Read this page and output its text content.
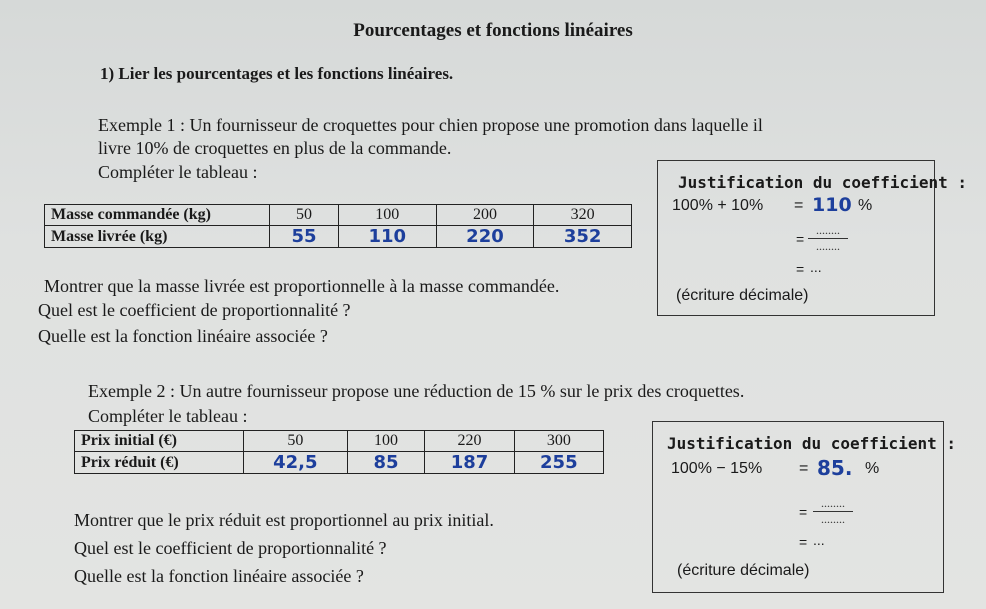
Pourcentages et fonctions linéaires
1) Lier les pourcentages et les fonctions linéaires.
Exemple 1 : Un fournisseur de croquettes pour chien propose une promotion dans laquelle il
livre 10% de croquettes en plus de la commande.
Compléter le tableau :
Masse commandée (kg)	50	100	200	320
Masse livrée (kg)	55	110	220	352
Montrer que la masse livrée est proportionnelle à la masse commandée.
Quel est le coefficient de proportionnalité ?
Quelle est la fonction linéaire associée ?
Justification du coefficient :
100% + 10% = 110 %
=
........
........
= ...
(écriture décimale)
Exemple 2 : Un autre fournisseur propose une réduction de 15 % sur le prix des croquettes.
Compléter le tableau :
Prix initial (€)	50	100	220	300
Prix réduit (€)	42,5	85	187	255
Montrer que le prix réduit est proportionnel au prix initial.
Quel est le coefficient de proportionnalité ?
Quelle est la fonction linéaire associée ?
Justification du coefficient :
100% − 15% = 85. %
=
........
........
= ...
(écriture décimale)
